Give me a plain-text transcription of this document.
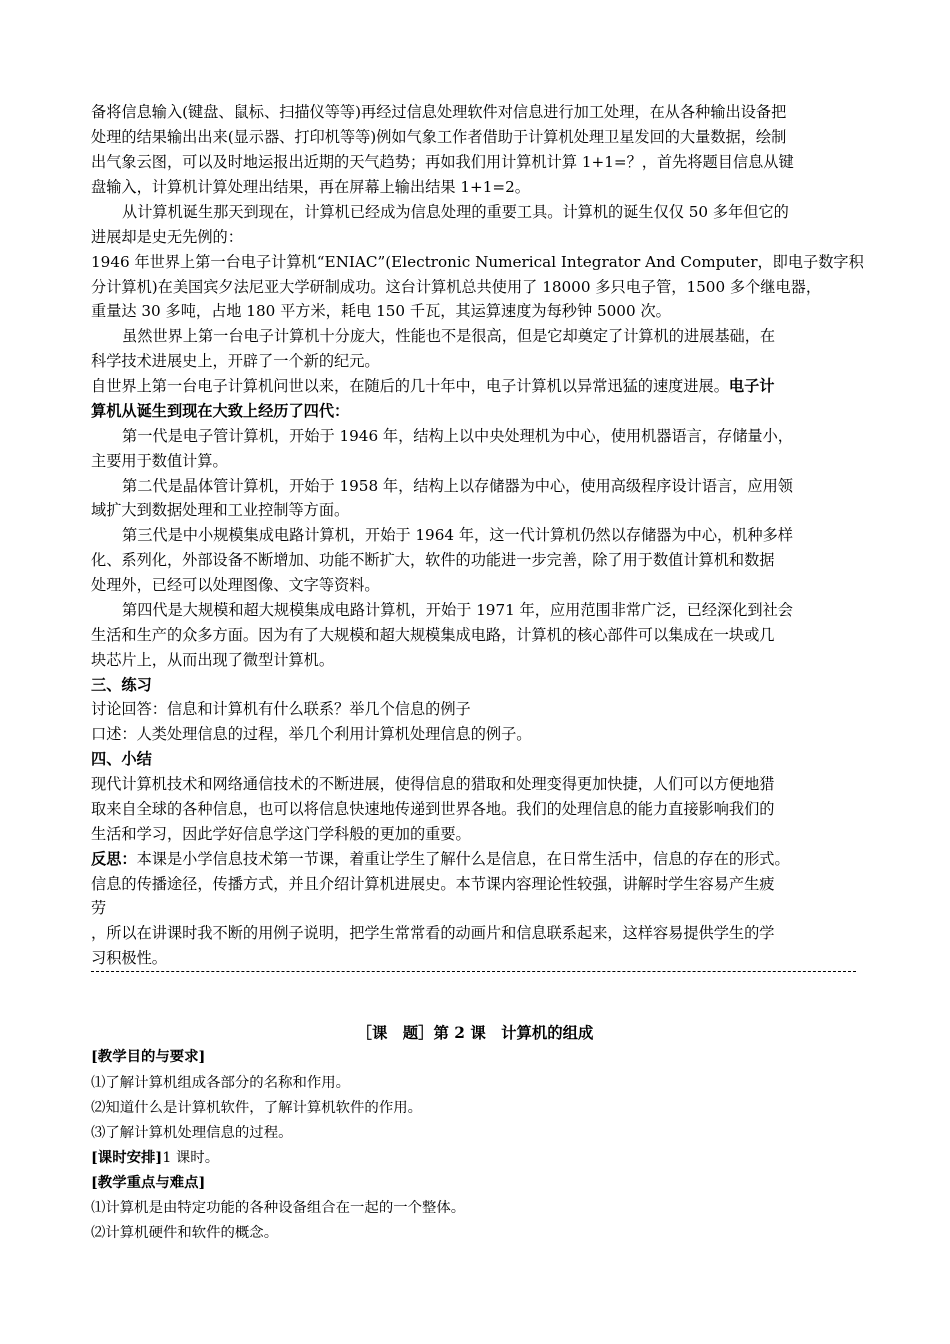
备将信息输入(键盘、鼠标、扫描仪等等)再经过信息处理软件对信息进行加工处理，在从各种输出设备把

处理的结果输出出来(显示器、打印机等等)例如气象工作者借助于计算机处理卫星发回的大量数据，绘制

出气象云图，可以及时地运报出近期的天气趋势；再如我们用计算机计算 1+1=？，首先将题目信息从键

盘输入，计算机计算处理出结果，再在屏幕上输出结果 1+1=2。

从计算机诞生那天到现在，计算机已经成为信息处理的重要工具。计算机的诞生仅仅 50 多年但它的

进展却是史无先例的：

1946 年世界上第一台电子计算机“ENIAC”(Electronic Numerical Integrator And Computer，即电子数字积

分计算机)在美国宾夕法尼亚大学研制成功。这台计算机总共使用了 18000 多只电子管，1500 多个继电器，

重量达 30 多吨，占地 180 平方米，耗电 150 千瓦，其运算速度为每秒钟 5000 次。

虽然世界上第一台电子计算机十分庞大，性能也不是很高，但是它却奠定了计算机的进展基础，在

科学技术进展史上，开辟了一个新的纪元。

自世界上第一台电子计算机问世以来，在随后的几十年中，电子计算机以异常迅猛的速度进展。电子计

算机从诞生到现在大致上经历了四代：

第一代是电子管计算机，开始于 1946 年，结构上以中央处理机为中心，使用机器语言，存储量小，

主要用于数值计算。

第二代是晶体管计算机，开始于 1958 年，结构上以存储器为中心，使用高级程序设计语言，应用领

域扩大到数据处理和工业控制等方面。

第三代是中小规模集成电路计算机，开始于 1964 年，这一代计算机仍然以存储器为中心，机种多样

化、系列化，外部设备不断增加、功能不断扩大，软件的功能进一步完善，除了用于数值计算机和数据

处理外，已经可以处理图像、文字等资料。

第四代是大规模和超大规模集成电路计算机，开始于 1971 年，应用范围非常广泛，已经深化到社会

生活和生产的众多方面。因为有了大规模和超大规模集成电路，计算机的核心部件可以集成在一块或几

块芯片上，从而出现了微型计算机。

三、练习

讨论回答：信息和计算机有什么联系？举几个信息的例子

口述：人类处理信息的过程，举几个利用计算机处理信息的例子。

四、小结

现代计算机技术和网络通信技术的不断进展，使得信息的猎取和处理变得更加快捷，人们可以方便地猎

取来自全球的各种信息，也可以将信息快速地传递到世界各地。我们的处理信息的能力直接影响我们的

生活和学习，因此学好信息学这门学科般的更加的重要。

反思：本课是小学信息技术第一节课，着重让学生了解什么是信息，在日常生活中，信息的存在的形式。

信息的传播途径，传播方式，并且介绍计算机进展史。本节课内容理论性较强，讲解时学生容易产生疲

劳

，所以在讲课时我不断的用例子说明，把学生常常看的动画片和信息联系起来，这样容易提供学生的学

习积极性。

［课　题］第 2 课　计算机的组成
[教学目的与要求]
⑴了解计算机组成各部分的名称和作用。
⑵知道什么是计算机软件，了解计算机软件的作用。
⑶了解计算机处理信息的过程。
[课时安排]1 课时。
[教学重点与难点]
⑴计算机是由特定功能的各种设备组合在一起的一个整体。
⑵计算机硬件和软件的概念。
